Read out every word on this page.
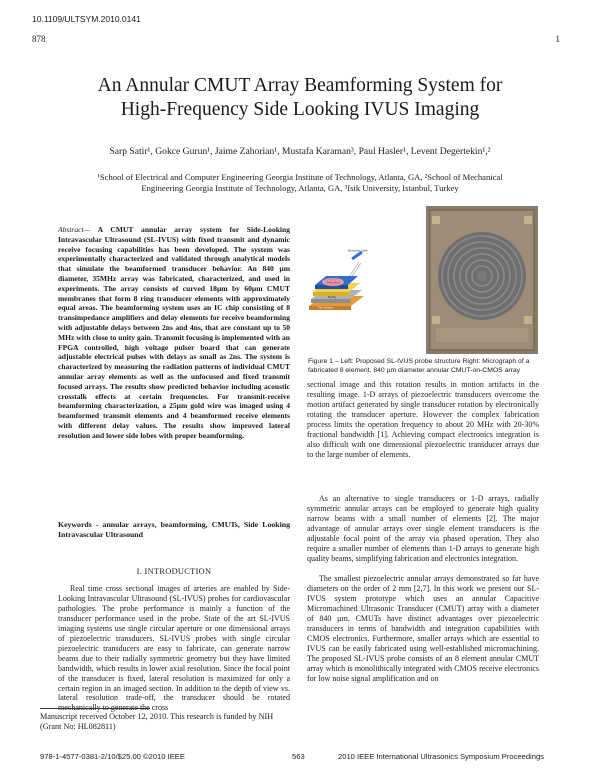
10.1109/ULTSYM.2010.0141
878	1
An Annular CMUT Array Beamforming System for
High-Frequency Side Looking IVUS Imaging
Sarp Satir¹, Gokce Gurun¹, Jaime Zahorian¹, Mustafa Karaman³, Paul Hasler¹, Levent Degertekin¹,²
¹School of Electrical and Computer Engineering Georgia Institute of Technology, Atlanta, GA, ²School of Mechanical
Engineering Georgia Institute of Technology, Atlanta, GA, ³Isik University, Istanbul, Turkey
Abstract— A CMUT annular array system for Side-Looking Intravascular Ultrasound (SL-IVUS) with fixed transmit and dynamic receive focusing capabilities has been developed. The system was experimentally characterized and validated through analytical models that simulate the beamformed transducer behavior. An 840 µm diameter, 35MHz array was fabricated, characterized, and used in experiments. The array consists of curved 18µm by 60µm CMUT membranes that form 8 ring transducer elements with approximately equal areas. The beamforming system uses an IC chip consisting of 8 transimpedance amplifiers and delay elements for receive beamforming with adjustable delays between 2ns and 4ns, that are constant up to 50 MHz with close to unity gain. Transmit focusing is implemented with an FPGA controlled, high voltage pulser board that can generate adjustable electrical pulses with delays as small as 2ns. The system is characterized by measuring the radiation patterns of individual CMUT annular array elements as well as the unfocused and fixed transmit focused arrays. The results show predicted behavior including acoustic crosstalk effects at certain frequencies. For transmit-receive beamforming characterization, a 25µm gold wire was imaged using 4 beamformed transmit elements and 4 beamformed receive elements with different delay values. The results show improved lateral resolution and lower side lobes with proper beamforming.
Keywords - annular arrays, beamforming, CMUTs, Side Looking Intravascular Ultrasound
I. INTRODUCTION

Real time cross sectional images of arteries are enabled by Side-Looking Intravascular Ultrasound (SL-IVUS) probes for cardiovascular pathologies. The probe performance is mainly a function of the transducer performance used in the probe. State of the art SL-IVUS imaging systems use single circular aperture or one dimensional arrays of piezoelectric transducers. SL-IVUS probes with single circular piezoelectric transducers are easy to fabricate, can generate narrow beams due to their radially symmetric geometry but they have limited bandwidth, which results in lower axial resolution. Since the focal point of the transducer is fixed, lateral resolution is maximized for only a certain region in an imaged section. In addition to the depth of view vs. lateral resolution trade-off, the transducer should be rotated mechanically to generate the cross

Manuscript received October 12, 2010. This research is funded by NIH (Grant No: HL082811)
Microprobe Cable
CMUT Chip
IC Chip
Backing
Flexi Substrate
Annular Array
Figure 1 – Left: Proposed SL-IVUS probe structure Right: Micrograph of a fabricated 8 element, 840 µm diameter annular CMUT-on-CMOS array

sectional image and this rotation results in motion artifacts in the resulting image. 1-D arrays of piezoelectric transducers overcome the motion artifact generated by single transducer rotation by electronically rotating the transducer aperture. However the complex fabrication process limits the operation frequency to about 20 MHz with 20-30% fractional bandwidth [1]. Achieving compact electronics integration is also difficult with one dimensional piezoelectric transducer arrays due to the large number of elements.

As an alternative to single transducers or 1-D arrays, radially symmetric annular arrays can be employed to generate high quality narrow beams with a small number of elements [2]. The major advantage of annular arrays over single element transducers is the adjustable focal point of the array via phased operation. They also require a smaller number of elements than 1-D arrays to generate high quality beams, simplifying fabrication and electronics integration.

The smallest piezoelectric annular arrays demonstrated so far have diameters on the order of 2 mm [2,7]. In this work we present our SL-IVUS system prototype which uses an annular Capacitive Micromachined Ultrasonic Transducer (CMUT) array with a diameter of 840 µm. CMUTs have distinct advantages over piezoelectric transducers in terms of bandwidth and integration capabilities with CMOS electronics. Furthermore, smaller arrays which are essential to IVUS can be easily fabricated using well-established micromachining. The proposed SL-IVUS probe consists of an 8 element annular CMUT array which is monolithically integrated with CMOS receive electronics for low noise signal amplification and on

978-1-4577-0381-2/10/$25.00 ©2010 IEEE	563	2010 IEEE International Ultrasonics Symposium Proceedings
